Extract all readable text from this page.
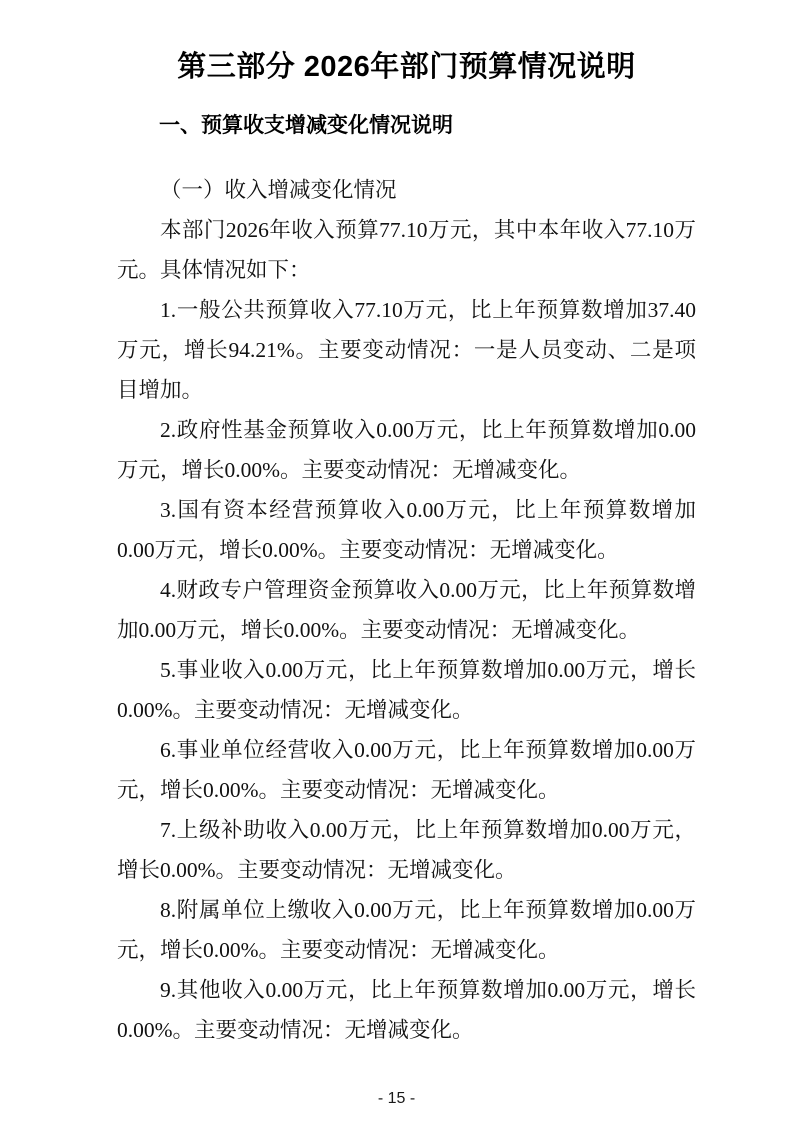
第三部分 2026年部门预算情况说明
一、预算收支增减变化情况说明
（一）收入增减变化情况

本部门2026年收入预算77.10万元，其中本年收入77.10万元。具体情况如下：

1.一般公共预算收入77.10万元，比上年预算数增加37.40万元，增长94.21%。主要变动情况：一是人员变动、二是项目增加。

2.政府性基金预算收入0.00万元，比上年预算数增加0.00万元，增长0.00%。主要变动情况：无增减变化。

3.国有资本经营预算收入0.00万元，比上年预算数增加0.00万元，增长0.00%。主要变动情况：无增减变化。

4.财政专户管理资金预算收入0.00万元，比上年预算数增加0.00万元，增长0.00%。主要变动情况：无增减变化。

5.事业收入0.00万元，比上年预算数增加0.00万元，增长0.00%。主要变动情况：无增减变化。

6.事业单位经营收入0.00万元，比上年预算数增加0.00万元，增长0.00%。主要变动情况：无增减变化。

7.上级补助收入0.00万元，比上年预算数增加0.00万元，增长0.00%。主要变动情况：无增减变化。

8.附属单位上缴收入0.00万元，比上年预算数增加0.00万元，增长0.00%。主要变动情况：无增减变化。

9.其他收入0.00万元，比上年预算数增加0.00万元，增长0.00%。主要变动情况：无增减变化。

- 15 -
